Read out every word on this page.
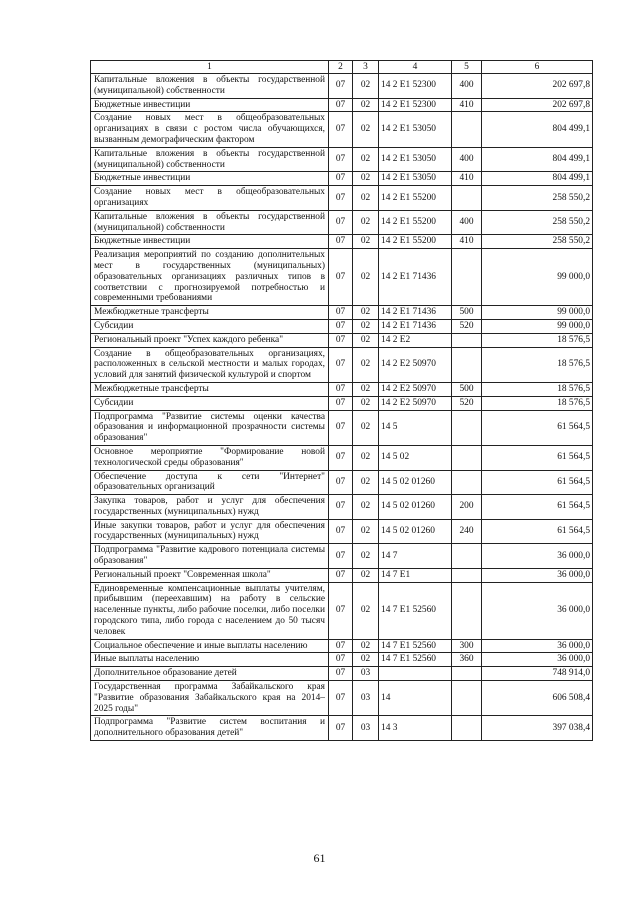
1	2	3	4	5	6
Капитальные вложения в объекты государственной (муниципальной) собственности	07	02	14 2 E1 52300	400	202 697,8
Бюджетные инвестиции	07	02	14 2 E1 52300	410	202 697,8
Создание новых мест в общеобразовательных организациях в связи с ростом числа обучающихся, вызванным демографическим фактором	07	02	14 2 E1 53050		804 499,1
Капитальные вложения в объекты государственной (муниципальной) собственности	07	02	14 2 E1 53050	400	804 499,1
Бюджетные инвестиции	07	02	14 2 E1 53050	410	804 499,1
Создание новых мест в общеобразовательных организациях	07	02	14 2 E1 55200		258 550,2
Капитальные вложения в объекты государственной (муниципальной) собственности	07	02	14 2 E1 55200	400	258 550,2
Бюджетные инвестиции	07	02	14 2 E1 55200	410	258 550,2
Реализация мероприятий по созданию дополнительных мест в государственных (муниципальных) образовательных организациях различных типов в соответствии с прогнозируемой потребностью и современными требованиями	07	02	14 2 E1 71436		99 000,0
Межбюджетные трансферты	07	02	14 2 E1 71436	500	99 000,0
Субсидии	07	02	14 2 E1 71436	520	99 000,0
Региональный проект "Успех каждого ребенка"	07	02	14 2 E2		18 576,5
Создание в общеобразовательных организациях, расположенных в сельской местности и малых городах, условий для занятий физической культурой и спортом	07	02	14 2 E2 50970		18 576,5
Межбюджетные трансферты	07	02	14 2 E2 50970	500	18 576,5
Субсидии	07	02	14 2 E2 50970	520	18 576,5
Подпрограмма "Развитие системы оценки качества образования и информационной прозрачности системы образования"	07	02	14 5		61 564,5
Основное мероприятие "Формирование новой технологической среды образования"	07	02	14 5 02		61 564,5
Обеспечение доступа к сети "Интернет" образовательных организаций	07	02	14 5 02 01260		61 564,5
Закупка товаров, работ и услуг для обеспечения государственных (муниципальных) нужд	07	02	14 5 02 01260	200	61 564,5
Иные закупки товаров, работ и услуг для обеспечения государственных (муниципальных) нужд	07	02	14 5 02 01260	240	61 564,5
Подпрограмма "Развитие кадрового потенциала системы образования"	07	02	14 7		36 000,0
Региональный проект "Современная школа"	07	02	14 7 E1		36 000,0
Единовременные компенсационные выплаты учителям, прибывшим (переехавшим) на работу в сельские населенные пункты, либо рабочие поселки, либо поселки городского типа, либо города с населением до 50 тысяч человек	07	02	14 7 E1 52560		36 000,0
Социальное обеспечение и иные выплаты населению	07	02	14 7 E1 52560	300	36 000,0
Иные выплаты населению	07	02	14 7 E1 52560	360	36 000,0
Дополнительное образование детей	07	03			748 914,0
Государственная программа Забайкальского края "Развитие образования Забайкальского края на 2014–2025 годы"	07	03	14		606 508,4
Подпрограмма "Развитие систем воспитания и дополнительного образования детей"	07	03	14 3		397 038,4
61
